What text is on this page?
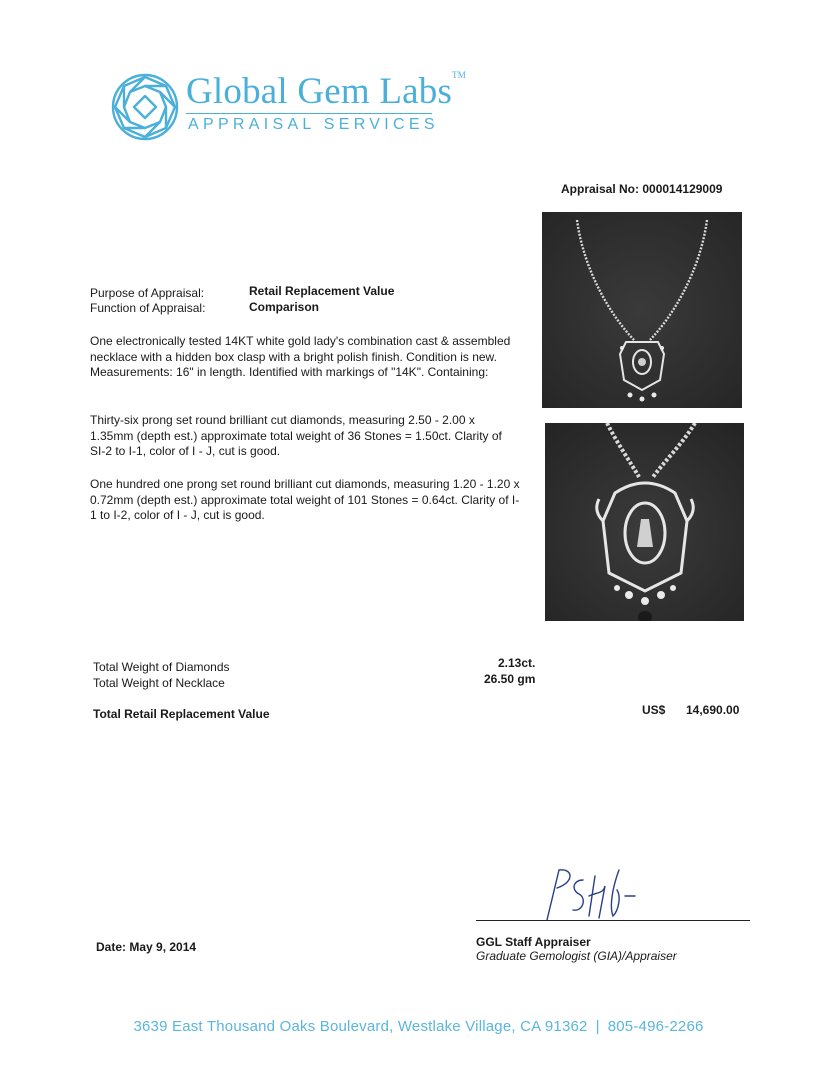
Global Gem Labs™
APPRAISAL SERVICES
Appraisal No: 000014129009
Purpose of Appraisal:	Retail Replacement Value
Function of Appraisal:	Comparison
One electronically tested 14KT white gold lady's combination cast & assembled necklace with a hidden box clasp with a bright polish finish. Condition is new. Measurements: 16" in length. Identified with markings of "14K". Containing:
Thirty-six prong set round brilliant cut diamonds, measuring 2.50 - 2.00 x 1.35mm (depth est.) approximate total weight of 36 Stones = 1.50ct. Clarity of SI-2 to I-1, color of I - J, cut is good.
One hundred one prong set round brilliant cut diamonds, measuring 1.20 - 1.20 x 0.72mm (depth est.) approximate total weight of 101 Stones = 0.64ct. Clarity of I-1 to I-2, color of I - J, cut is good.
Total Weight of Diamonds	2.13ct.
Total Weight of Necklace	26.50 gm
Total Retail Replacement Value	US$ 14,690.00
GGL Staff Appraiser
Graduate Gemologist (GIA)/Appraiser
Date: May 9, 2014
3639 East Thousand Oaks Boulevard, Westlake Village, CA 91362 | 805-496-2266
